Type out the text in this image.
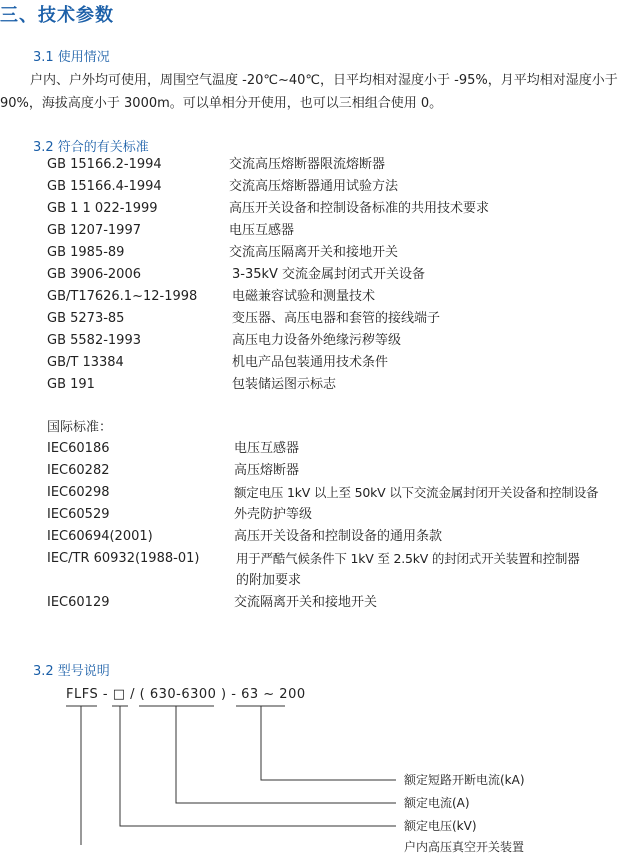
三、技术参数

3.1 使用情况

户内、户外均可使用，周围空气温度 -20℃~40℃，日平均相对湿度小于 -95%，月平均相对湿度小于 90%，海拔高度小于 3000m。可以单相分开使用，也可以三相组合使用 0。

3.2 符合的有关标准

GB 15166.2-1994	交流高压熔断器限流熔断器
GB 15166.4-1994	交流高压熔断器通用试验方法
GB 1 1 022-1999	高压开关设备和控制设备标准的共用技术要求
GB 1207-1997	电压互感器
GB 1985-89	交流高压隔离开关和接地开关
GB 3906-2006	3-35kV 交流金属封闭式开关设备
GB/T17626.1~12-1998	电磁兼容试验和测量技术
GB 5273-85	变压器、高压电器和套管的接线端子
GB 5582-1993	高压电力设备外绝缘污秽等级
GB/T 13384	机电产品包装通用技术条件
GB 191	包装储运图示标志

国际标准：

IEC60186	电压互感器
IEC60282	高压熔断器
IEC60298	额定电压 1kV 以上至 50kV 以下交流金属封闭开关设备和控制设备
IEC60529	外壳防护等级
IEC60694(2001)	高压开关设备和控制设备的通用条款
IEC/TR 60932(1988-01)	用于严酷气候条件下 1kV 至 2.5kV 的封闭式开关装置和控制器
的附加要求
IEC60129	交流隔离开关和接地开关

3.2 型号说明

FLFS - □ / ( 630-6300 ) - 63 ~ 200
额定短路开断电流(kA)
额定电流(A)
额定电压(kV)
户内高压真空开关装置
